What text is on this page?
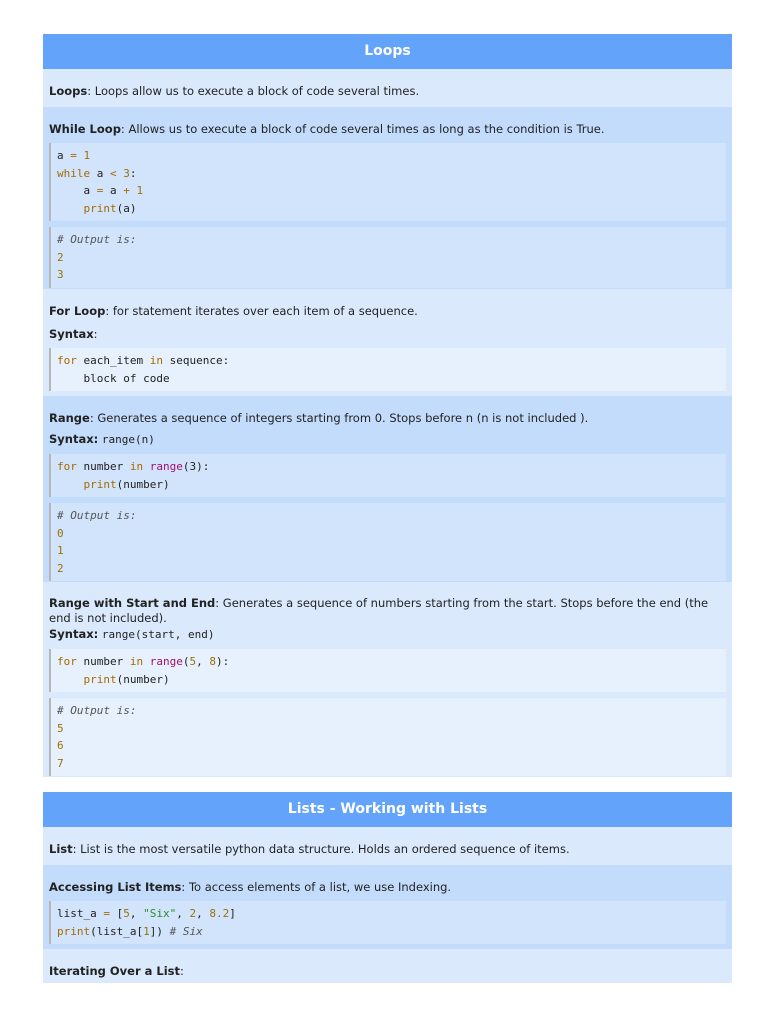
Loops
Loops: Loops allow us to execute a block of code several times.
While Loop: Allows us to execute a block of code several times as long as the condition is True.
a = 1
while a < 3:
a = a + 1
print(a)
# Output is:
2
3
For Loop: for statement iterates over each item of a sequence.
Syntax:
for each_item in sequence:
block of code
Range: Generates a sequence of integers starting from 0. Stops before n (n is not included ).
Syntax: range(n)
for number in range(3):
print(number)
# Output is:
0
1
2
Range with Start and End: Generates a sequence of numbers starting from the start. Stops before the end (the end is not included).
Syntax: range(start, end)
for number in range(5, 8):
print(number)
# Output is:
5
6
7
Lists - Working with Lists
List: List is the most versatile python data structure. Holds an ordered sequence of items.
Accessing List Items: To access elements of a list, we use Indexing.
list_a = [5, "Six", 2, 8.2]
print(list_a[1]) # Six
Iterating Over a List:
